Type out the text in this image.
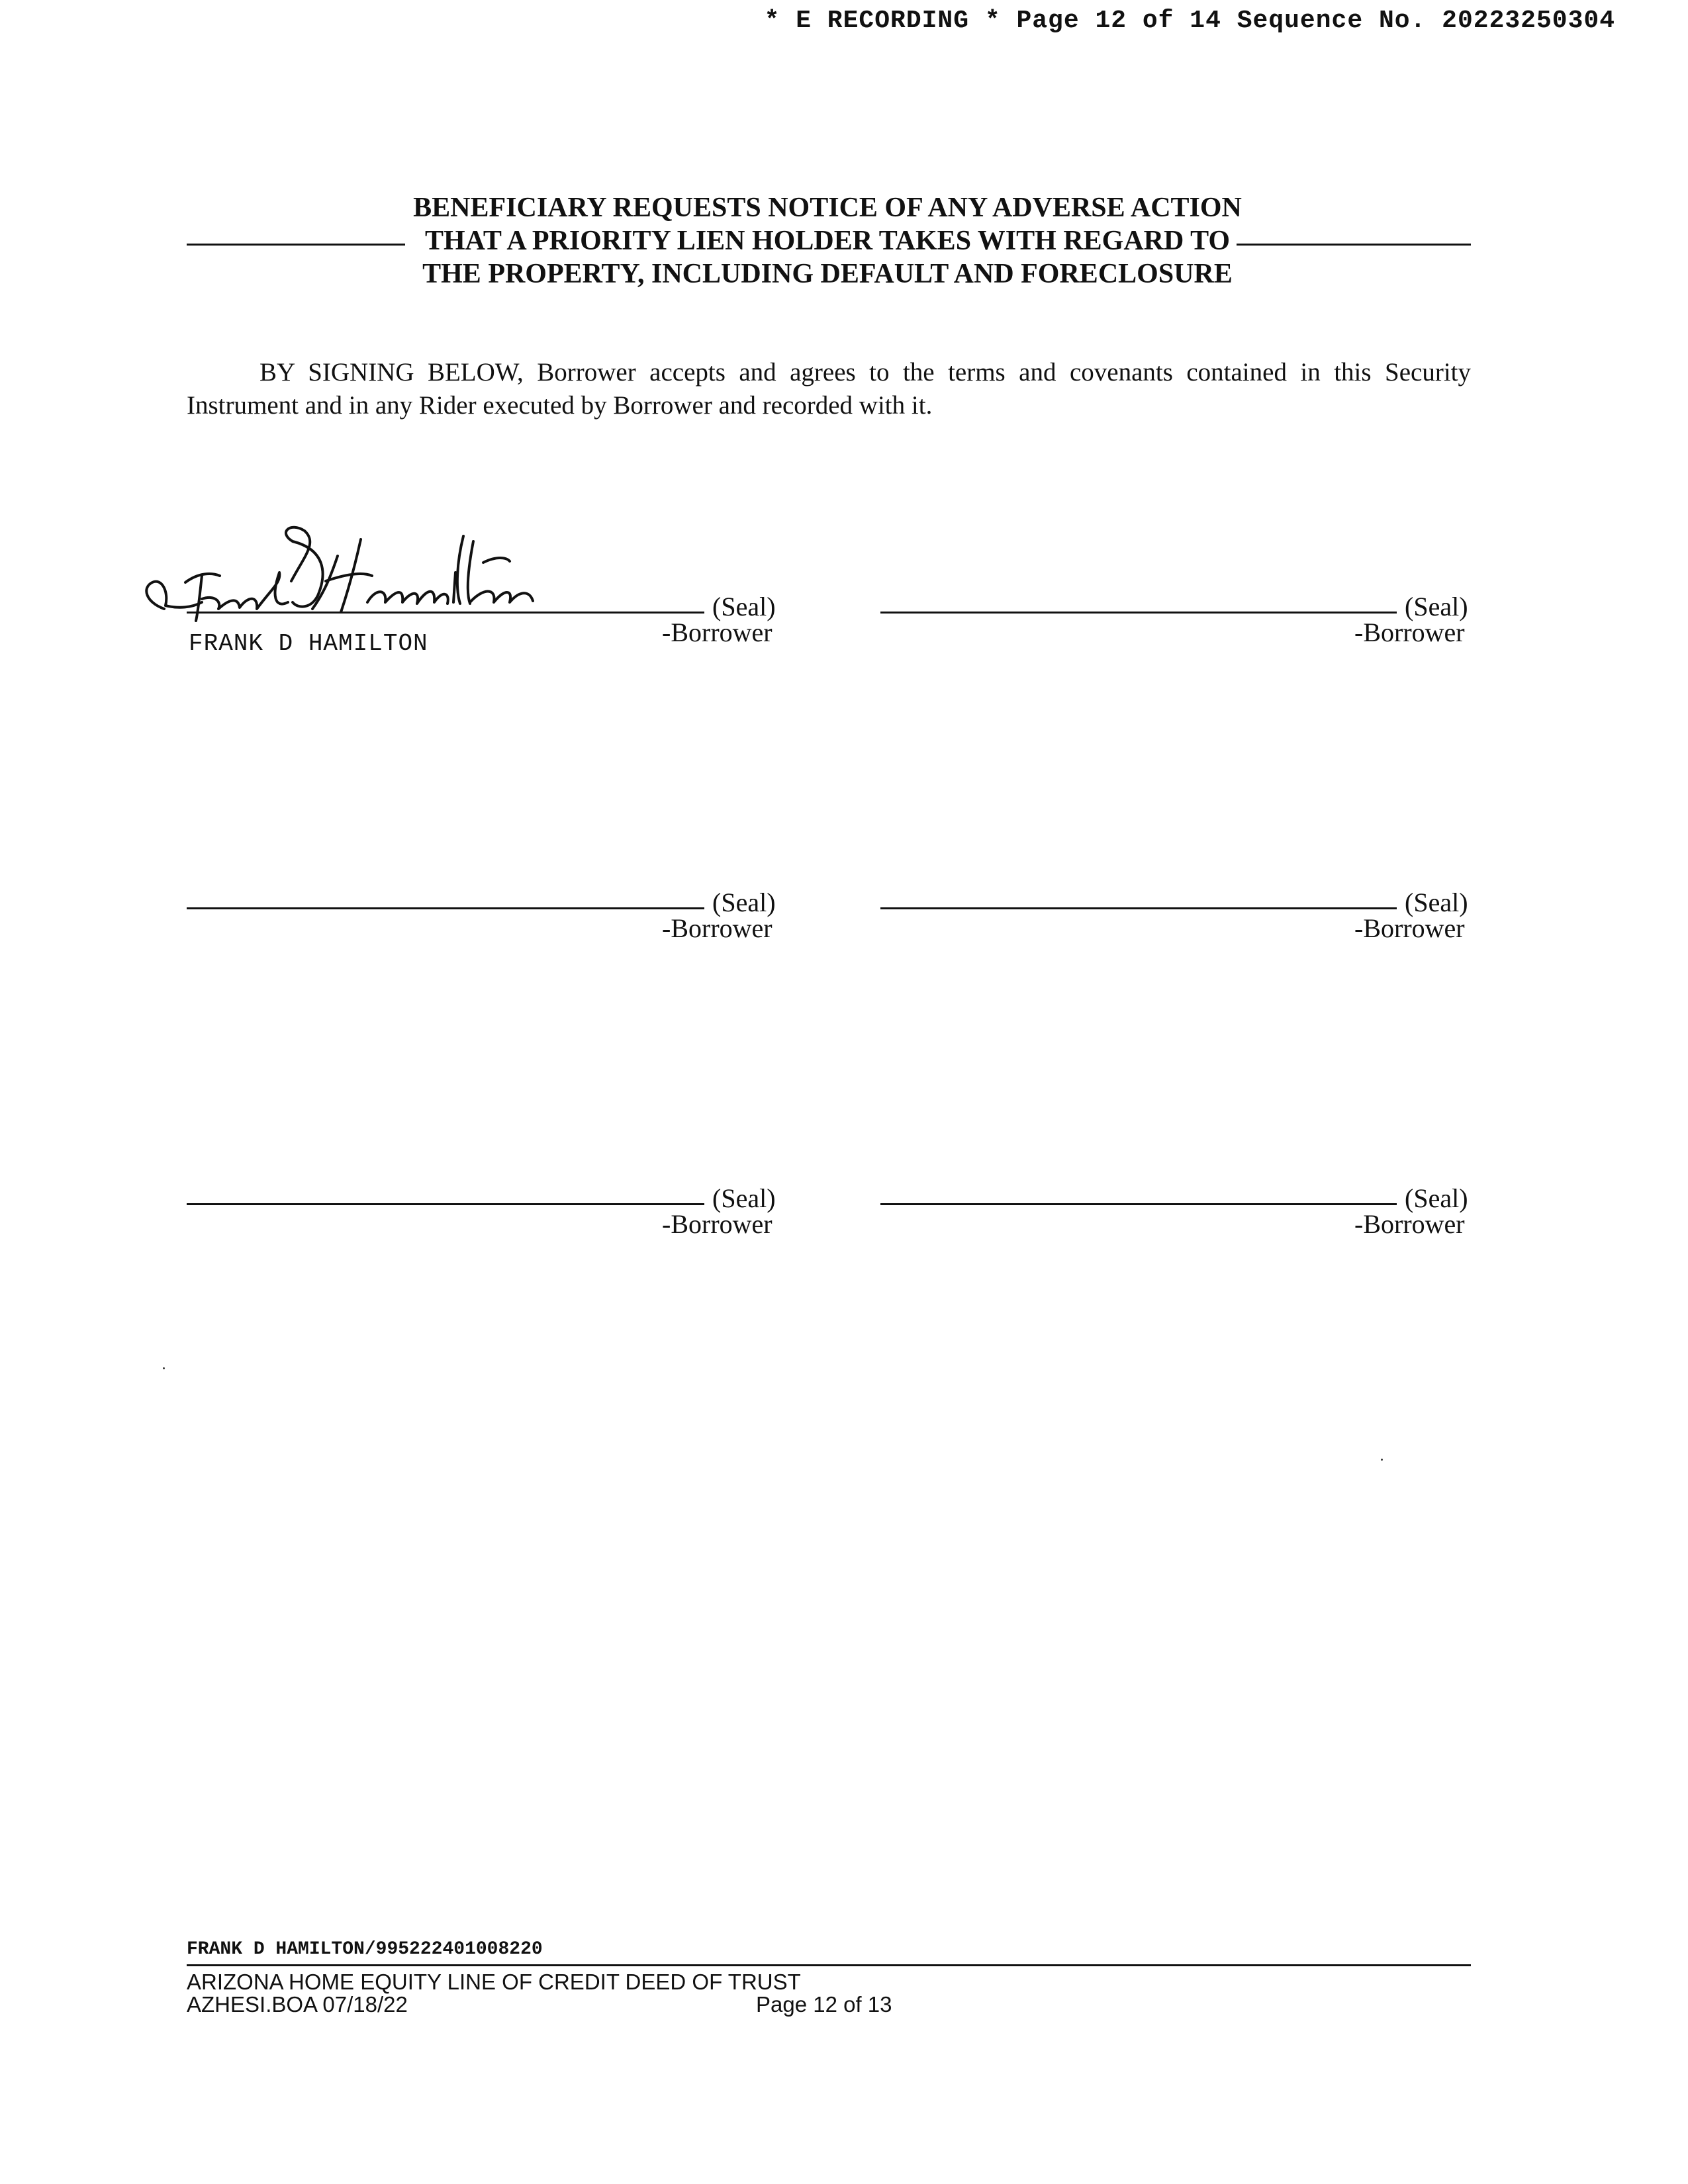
* E RECORDING * Page 12 of 14 Sequence No. 20223250304
BENEFICIARY REQUESTS NOTICE OF ANY ADVERSE ACTION
THAT A PRIORITY LIEN HOLDER TAKES WITH REGARD TO
THE PROPERTY, INCLUDING DEFAULT AND FORECLOSURE

BY SIGNING BELOW, Borrower accepts and agrees to the terms and covenants contained in this Security Instrument and in any Rider executed by Borrower and recorded with it.

(Seal)
-Borrower
FRANK D HAMILTON
(Seal)
-Borrower
(Seal)
-Borrower
(Seal)
-Borrower
(Seal)
-Borrower
(Seal)
-Borrower
FRANK D HAMILTON/995222401008220
ARIZONA HOME EQUITY LINE OF CREDIT DEED OF TRUST
AZHESI.BOA 07/18/22	Page 12 of 13
